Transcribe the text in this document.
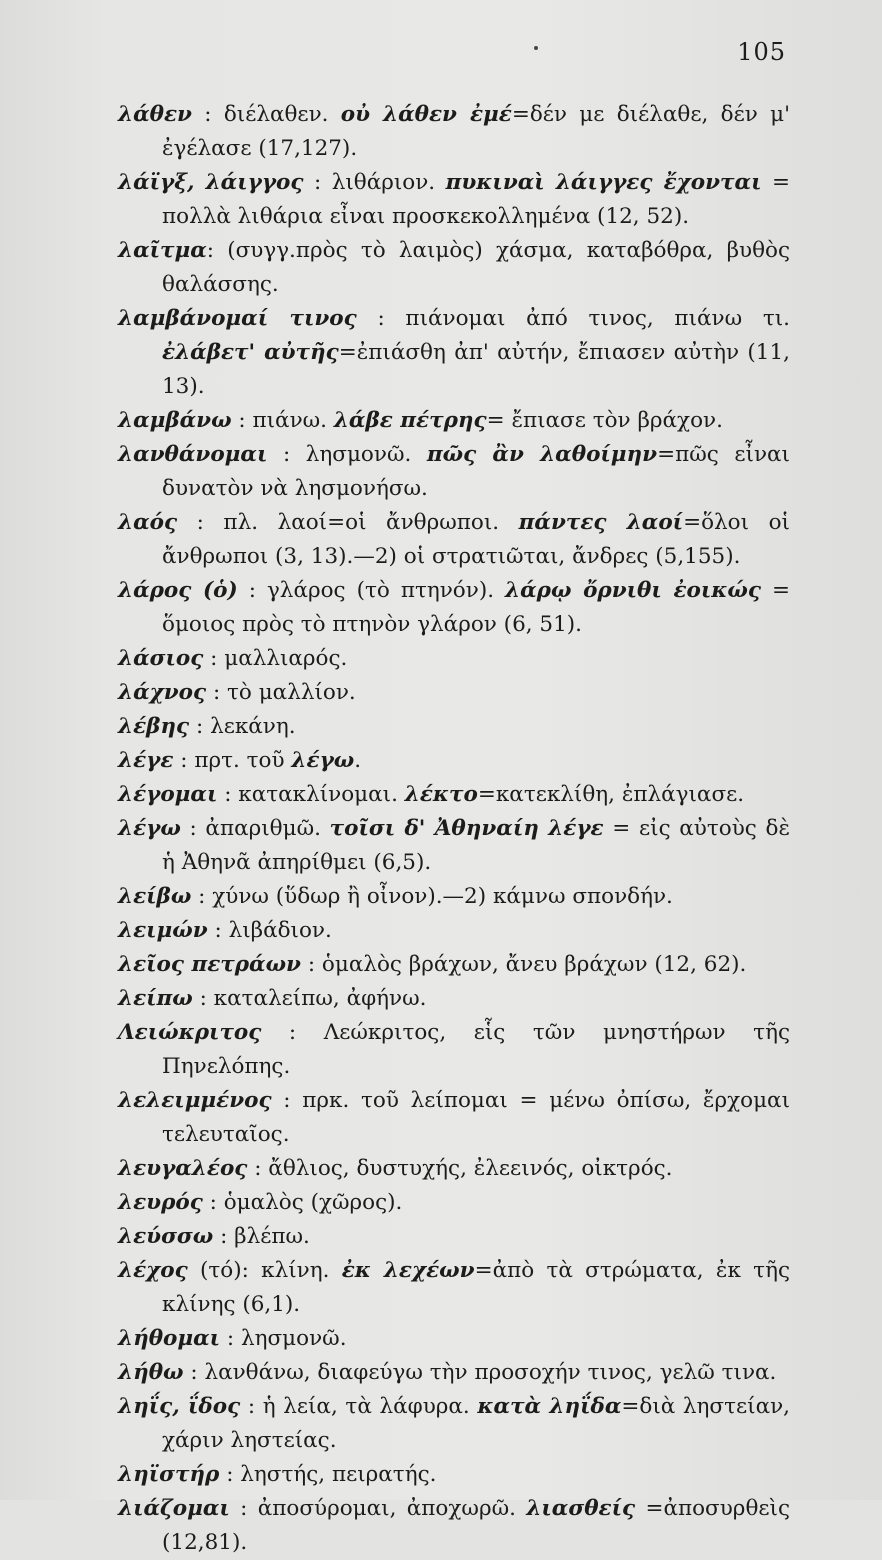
105
λάθεν : διέλαθεν. οὐ λάθεν ἐμέ=δέν με διέλαθε, δέν μ' ἐγέλασε (17,127).
λάϊγξ, λάιγγος : λιθάριον. πυκιναὶ λάιγγες ἔχονται = πολλὰ λιθάρια εἶναι προσκεκολλημένα (12, 52).
λαῖτμα: (συγγ.πρὸς τὸ λαιμὸς) χάσμα, καταβόθρα, βυθὸς θαλάσσης.
λαμβάνομαί τινος : πιάνομαι ἀπό τινος, πιάνω τι. ἐλάβετ' αὐτῆς=ἐπιάσθη ἀπ' αὐτήν, ἔπιασεν αὐτὴν (11, 13).
λαμβάνω : πιάνω. λάβε πέτρης= ἔπιασε τὸν βράχον.
λανθάνομαι : λησμονῶ. πῶς ἂν λαθοίμην=πῶς εἶναι δυνατὸν νὰ λησμονήσω.
λαός : πλ. λαοί=οἱ ἄνθρωποι. πάντες λαοί=ὅλοι οἱ ἄνθρωποι (3, 13).—2) οἱ στρατιῶται, ἄνδρες (5,155).
λάρος (ὁ) : γλάρος (τὸ πτηνόν). λάρῳ ὄρνιθι ἐοικώς = ὅμοιος πρὸς τὸ πτηνὸν γλάρον (6, 51).
λάσιος : μαλλιαρός.
λάχνος : τὸ μαλλίον.
λέβης : λεκάνη.
λέγε : πρτ. τοῦ λέγω.
λέγομαι : κατακλίνομαι. λέκτο=κατεκλίθη, ἐπλάγιασε.
λέγω : ἀπαριθμῶ. τοῖσι δ' Ἀθηναίη λέγε = εἰς αὐτοὺς δὲ ἡ Ἀθηνᾶ ἀπηρίθμει (6,5).
λείβω : χύνω (ὕδωρ ἢ οἶνον).—2) κάμνω σπονδήν.
λειμών : λιβάδιον.
λεῖος πετράων : ὁμαλὸς βράχων, ἄνευ βράχων (12, 62).
λείπω : καταλείπω, ἀφήνω.
Λειώκριτος : Λεώκριτος, εἷς τῶν μνηστήρων τῆς Πηνελόπης.
λελειμμένος : πρκ. τοῦ λείπομαι = μένω ὀπίσω, ἔρχομαι τελευταῖος.
λευγαλέος : ἄθλιος, δυστυχής, ἐλεεινός, οἰκτρός.
λευρός : ὁμαλὸς (χῶρος).
λεύσσω : βλέπω.
λέχος (τό): κλίνη. ἐκ λεχέων=ἀπὸ τὰ στρώματα, ἐκ τῆς κλίνης (6,1).
λήθομαι : λησμονῶ.
λήθω : λανθάνω, διαφεύγω τὴν προσοχήν τινος, γελῶ τινα.
ληΐς, ΐδος : ἡ λεία, τὰ λάφυρα. κατὰ ληΐδα=διὰ ληστείαν, χάριν ληστείας.
ληϊστήρ : ληστής, πειρατής.
λιάζομαι : ἀποσύρομαι, ἀποχωρῶ. λιασθείς =ἀποσυρθεὶς (12,81).
